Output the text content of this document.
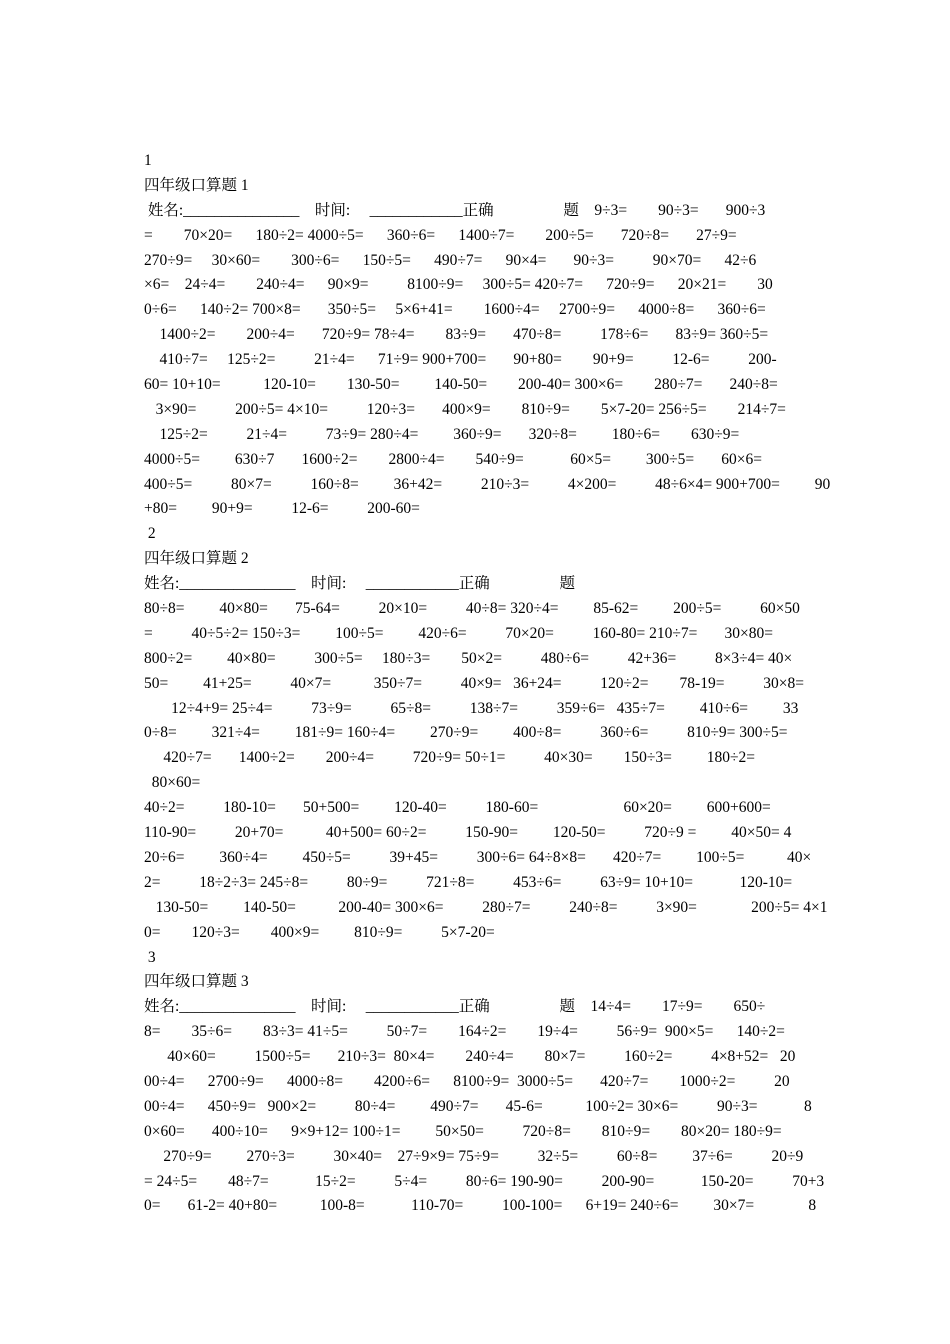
1
四年级口算题 1
姓名:_______________    时间:     ____________正确                  题    9÷3=        90÷3=       900÷3
=        70×20=      180÷2= 4000÷5=      360÷6=      1400÷7=        200÷5=       720÷8=       27÷9=
270÷9=     30×60=        300÷6=      150÷5=      490÷7=      90×4=       90÷3=          90×70=      42÷6
×6=    24÷4=        240÷4=      90×9=          8100÷9=     300÷5= 420÷7=      720÷9=      20×21=        30
0÷6=      140÷2= 700×8=       350÷5=     5×6+41=        1600÷4=     2700÷9=      4000÷8=      360÷6=
1400÷2=        200÷4=       720÷9= 78÷4=        83÷9=       470÷8=          178÷6=       83÷9= 360÷5=
410÷7=     125÷2=          21÷4=      71÷9= 900+700=       90+80=        90+9=          12-6=          200-
60= 10+10=           120-10=        130-50=         140-50=        200-40= 300×6=        280÷7=       240÷8=
3×90=          200÷5= 4×10=          120÷3=       400×9=        810÷9=        5×7-20= 256÷5=        214÷7=
125÷2=          21÷4=          73÷9= 280÷4=         360÷9=       320÷8=         180÷6=        630÷9=
4000÷5=         630÷7       1600÷2=        2800÷4=        540÷9=            60×5=         300÷5=       60×6=
400÷5=          80×7=          160÷8=         36+42=          210÷3=          4×200=          48÷6×4= 900+700=         90
+80=         90+9=          12-6=          200-60=
2
四年级口算题 2
姓名:_______________    时间:     ____________正确                  题
80÷8=         40×80=       75-64=          20×10=          40÷8= 320÷4=         85-62=         200÷5=          60×50
=          40÷5÷2= 150÷3=         100÷5=         420÷6=          70×20=          160-80= 210÷7=       30×80=
800÷2=         40×80=          300÷5=     180÷3=        50×2=          480÷6=          42+36=          8×3÷4= 40×
50=         41+25=          40×7=           350÷7=          40×9=   36+24=          120÷2=        78-19=          30×8=
12÷4+9= 25÷4=          73÷9=          65÷8=          138÷7=          359÷6=   435÷7=         410÷6=         33
0÷8=         321÷4=         181÷9= 160÷4=         270÷9=         400÷8=          360÷6=          810÷9= 300÷5=
420÷7=       1400÷2=        200÷4=          720÷9= 50÷1=          40×30=        150÷3=         180÷2=
80×60=
40÷2=          180-10=       50+500=         120-40=          180-60=                      60×20=         600+600=
110-90=          20+70=           40+500= 60÷2=          150-90=         120-50=          720÷9 =         40×50= 4
20÷6=         360÷4=         450÷5=          39+45=          300÷6= 64÷8×8=       420÷7=         100÷5=           40×
2=          18÷2÷3= 245÷8=          80÷9=          721÷8=          453÷6=          63÷9= 10+10=            120-10=
130-50=         140-50=           200-40= 300×6=          280÷7=          240÷8=          3×90=              200÷5= 4×1
0=        120÷3=        400×9=         810÷9=          5×7-20=
3
四年级口算题 3
姓名:_______________    时间:     ____________正确                  题    14÷4=        17÷9=        650÷
8=        35÷6=        83÷3= 41÷5=          50÷7=        164÷2=        19÷4=          56÷9=  900×5=      140÷2=
40×60=          1500÷5=       210÷3=  80×4=        240÷4=        80×7=          160÷2=          4×8+52=   20
00÷4=      2700÷9=      4000÷8=        4200÷6=      8100÷9=  3000÷5=       420÷7=        1000÷2=          20
00÷4=      450÷9=   900×2=          80÷4=         490÷7=       45-6=           100÷2= 30×6=          90÷3=            8
0×60=       400÷10=      9×9+12= 100÷1=         50×50=          720÷8=        810÷9=        80×20= 180÷9=
270÷9=         270÷3=          30×40=    27÷9×9= 75÷9=          32÷5=          60÷8=         37÷6=          20÷9
= 24÷5=        48÷7=            15÷2=          5÷4=          80÷6= 190-90=          200-90=            150-20=          70+3
0=       61-2= 40+80=           100-8=            110-70=          100-100=      6+19= 240÷6=         30×7=              8
